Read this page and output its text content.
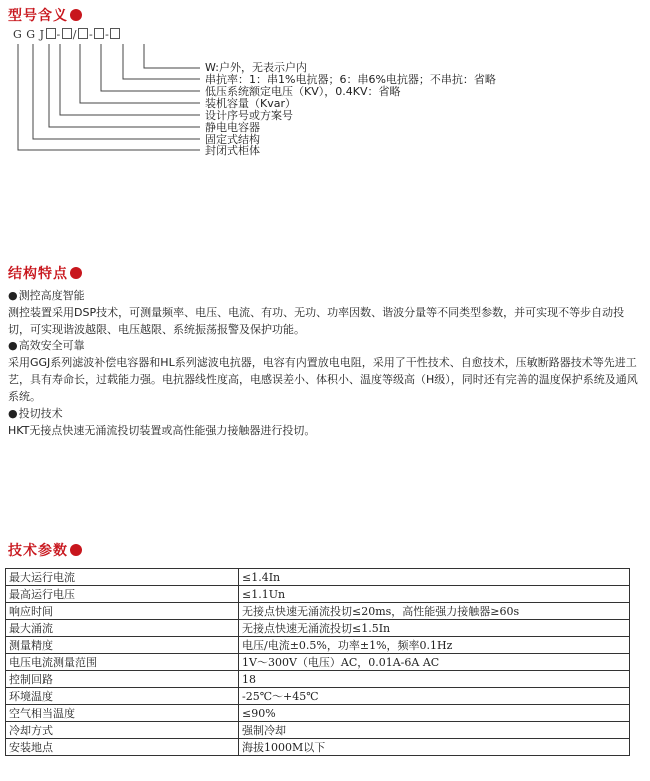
型号含义
G G J - / - -
W:户外，无表示户内
串抗率：1：串1%电抗器；6：串6%电抗器；不串抗：省略
低压系统额定电压（KV），0.4KV：省略
装机容量（Kvar）
设计序号或方案号
静电电容器
固定式结构
封闭式柜体
结构特点

● 测控高度智能

测控装置采用DSP技术，可测量频率、电压、电流、有功、无功、功率因数、谐波分量等不同类型参数，并可实现不等步自动投切，可实现谐波越限、电压越限、系统振荡报警及保护功能。

● 高效安全可靠

采用GGJ系列滤波补偿电容器和HL系列滤波电抗器，电容有内置放电电阻，采用了干性技术、自愈技术，压敏断路器技术等先进工艺，具有寿命长，过载能力强。电抗器线性度高，电感误差小、体积小、温度等级高（H级），同时还有完善的温度保护系统及通风系统。

● 投切技术

HKT无接点快速无涌流投切装置或高性能强力接触器进行投切。

技术参数
最大运行电流	≤1.4In
最高运行电压	≤1.1Un
响应时间	无接点快速无涌流投切≤20ms，高性能强力接触器≥60s
最大涌流	无接点快速无涌流投切≤1.5In
测量精度	电压/电流±0.5%，功率±1%，频率0.1Hz
电压电流测量范围	1V～300V（电压）AC，0.01A-6A AC
控制回路	18
环境温度	-25℃～+45℃
空气相当温度	≤90%
冷却方式	强制冷却
安装地点	海拔1000M以下
